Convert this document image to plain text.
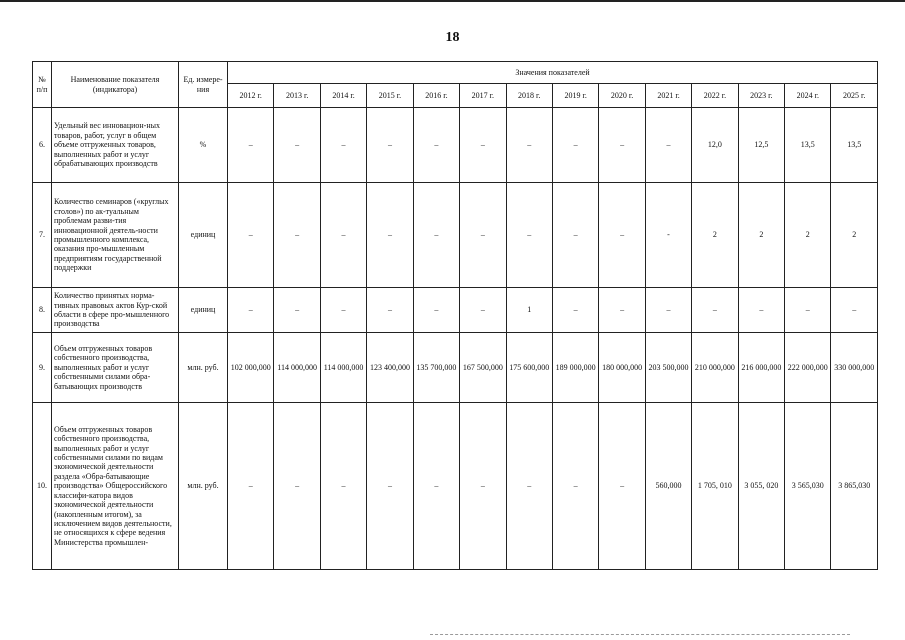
18
№ п/п	Наименование показателя (индикатора)	Ед. измере-ния	Значения показателей													
			2012 г.	2013 г.	2014 г.	2015 г.	2016 г.	2017 г.	2018 г.	2019 г.	2020 г.	2021 г.	2022 г.	2023 г.	2024 г.	2025 г.
6.	Удельный вес инновацион-ных товаров, работ, услуг в общем объеме отгруженных товаров, выполненных работ и услуг обрабатывающих производств	%	–	–	–	–	–	–	–	–	–	–	12,0	12,5	13,5	13,5
7.	Количество семинаров («круглых столов») по ак-туальным проблемам разви-тия инновационной деятель-ности промышленного комплекса, оказания про-мышленным предприятиям государственной поддержки	единиц	–	–	–	–	–	–	–	–	–	-	2	2	2	2
8.	Количество принятых норма-тивных правовых актов Кур-ской области в сфере про-мышленного производства	единиц	–	–	–	–	–	–	1	–	–	–	–	–	–	–
9.	Объем отгруженных товаров собственного производства, выполненных работ и услуг собственными силами обра-батывающих производств	млн. руб.	102 000,000	114 000,000	114 000,000	123 400,000	135 700,000	167 500,000	175 600,000	189 000,000	180 000,000	203 500,000	210 000,000	216 000,000	222 000,000	330 000,000
10.	Объем отгруженных товаров собственного производства, выполненных работ и услуг собственными силами по видам экономической деятельности раздела «Обра-батывающие производства» Общероссийского классифи-катора видов экономической деятельности (накопленным итогом), за исключением видов деятельности, не относящихся к сфере ведения Министерства промышлен-	млн. руб.	–	–	–	–	–	–	–	–	–	560,000	1 705, 010	3 055, 020	3 565,030	3 865,030
